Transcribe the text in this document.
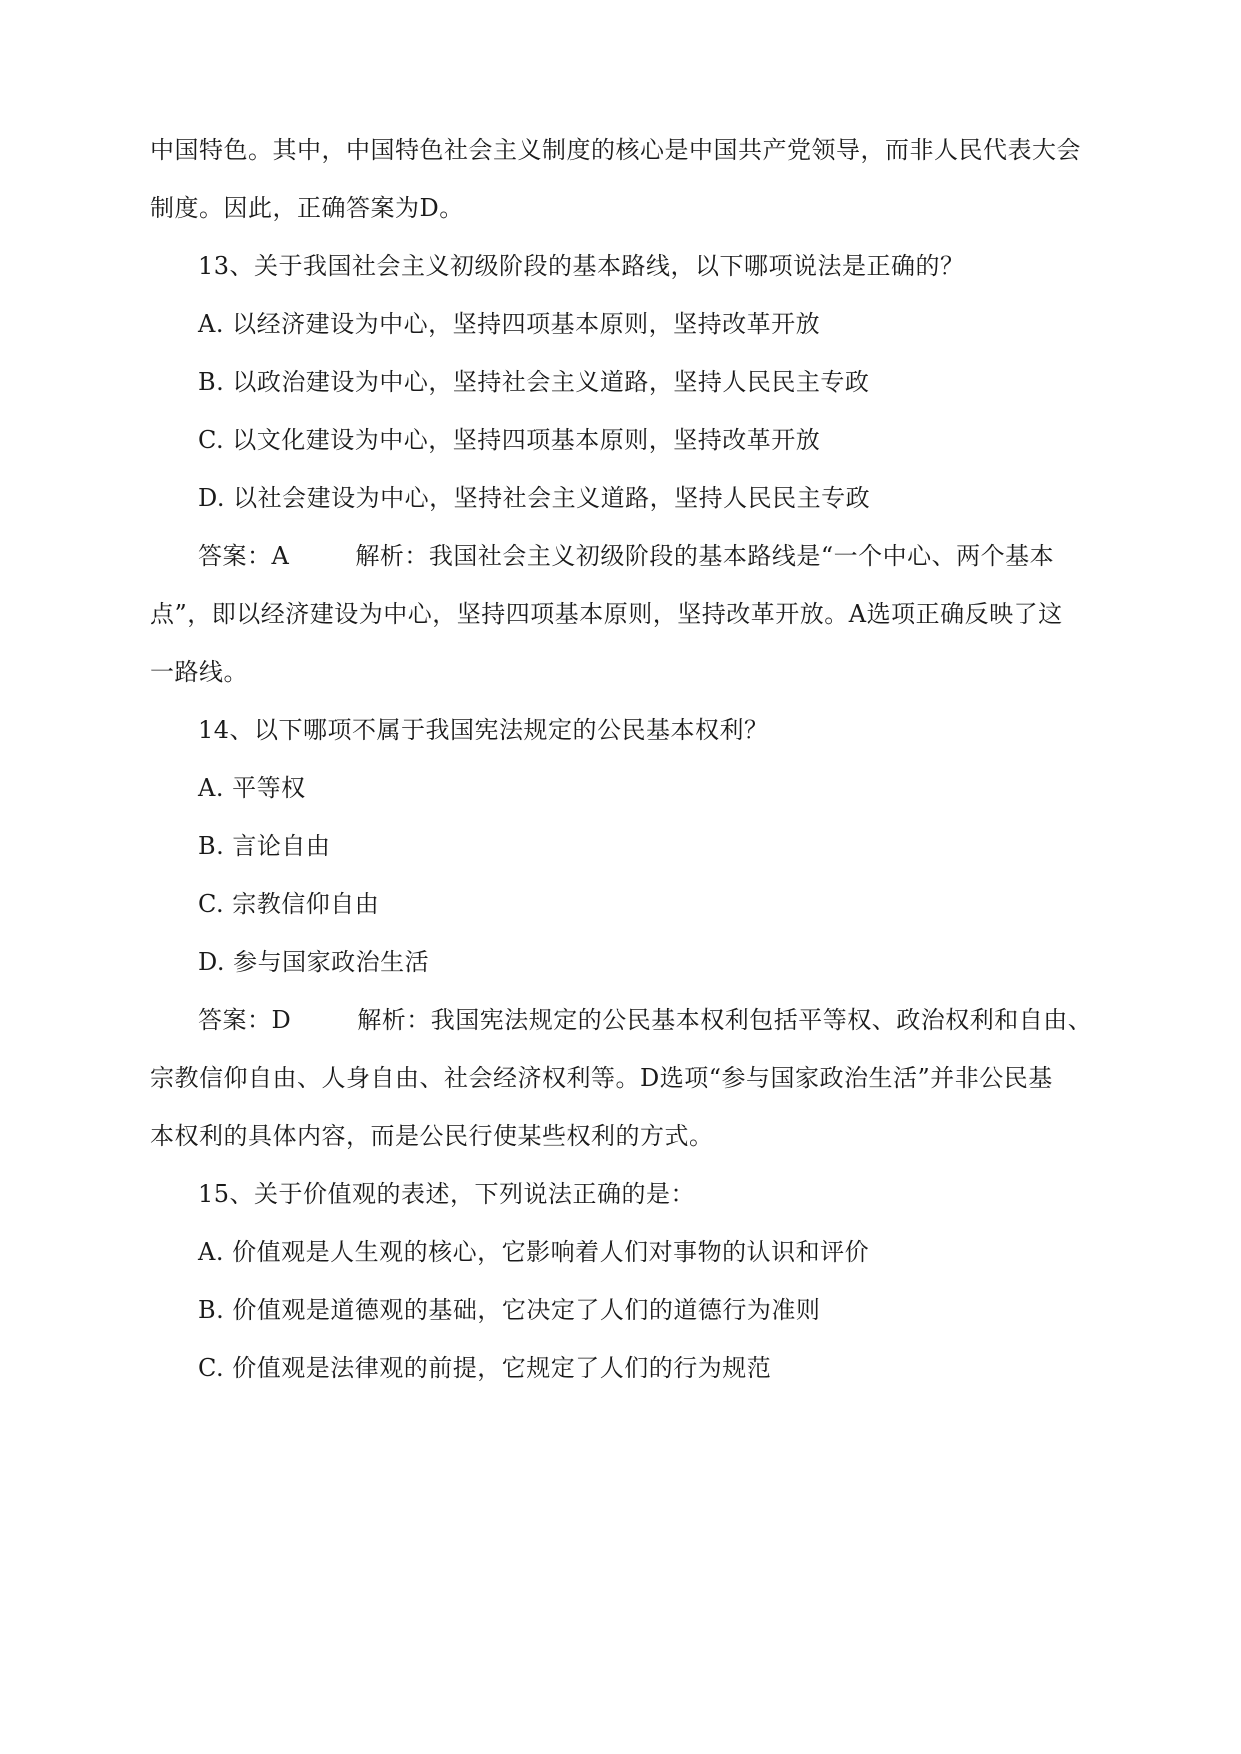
中国特色。其中，中国特色社会主义制度的核心是中国共产党领导，而非人民代表大会
制度。因此，正确答案为D。
13、关于我国社会主义初级阶段的基本路线，以下哪项说法是正确的？
A. 以经济建设为中心，坚持四项基本原则，坚持改革开放
B. 以政治建设为中心，坚持社会主义道路，坚持人民民主专政
C. 以文化建设为中心，坚持四项基本原则，坚持改革开放
D. 以社会建设为中心，坚持社会主义道路，坚持人民民主专政
答案：A	解析：我国社会主义初级阶段的基本路线是“一个中心、两个基本
点”，即以经济建设为中心，坚持四项基本原则，坚持改革开放。A选项正确反映了这
一路线。
14、以下哪项不属于我国宪法规定的公民基本权利？
A. 平等权
B. 言论自由
C. 宗教信仰自由
D. 参与国家政治生活
答案：D	解析：我国宪法规定的公民基本权利包括平等权、政治权利和自由、
宗教信仰自由、人身自由、社会经济权利等。D选项“参与国家政治生活”并非公民基
本权利的具体内容，而是公民行使某些权利的方式。
15、关于价值观的表述，下列说法正确的是：
A. 价值观是人生观的核心，它影响着人们对事物的认识和评价
B. 价值观是道德观的基础，它决定了人们的道德行为准则
C. 价值观是法律观的前提，它规定了人们的行为规范
